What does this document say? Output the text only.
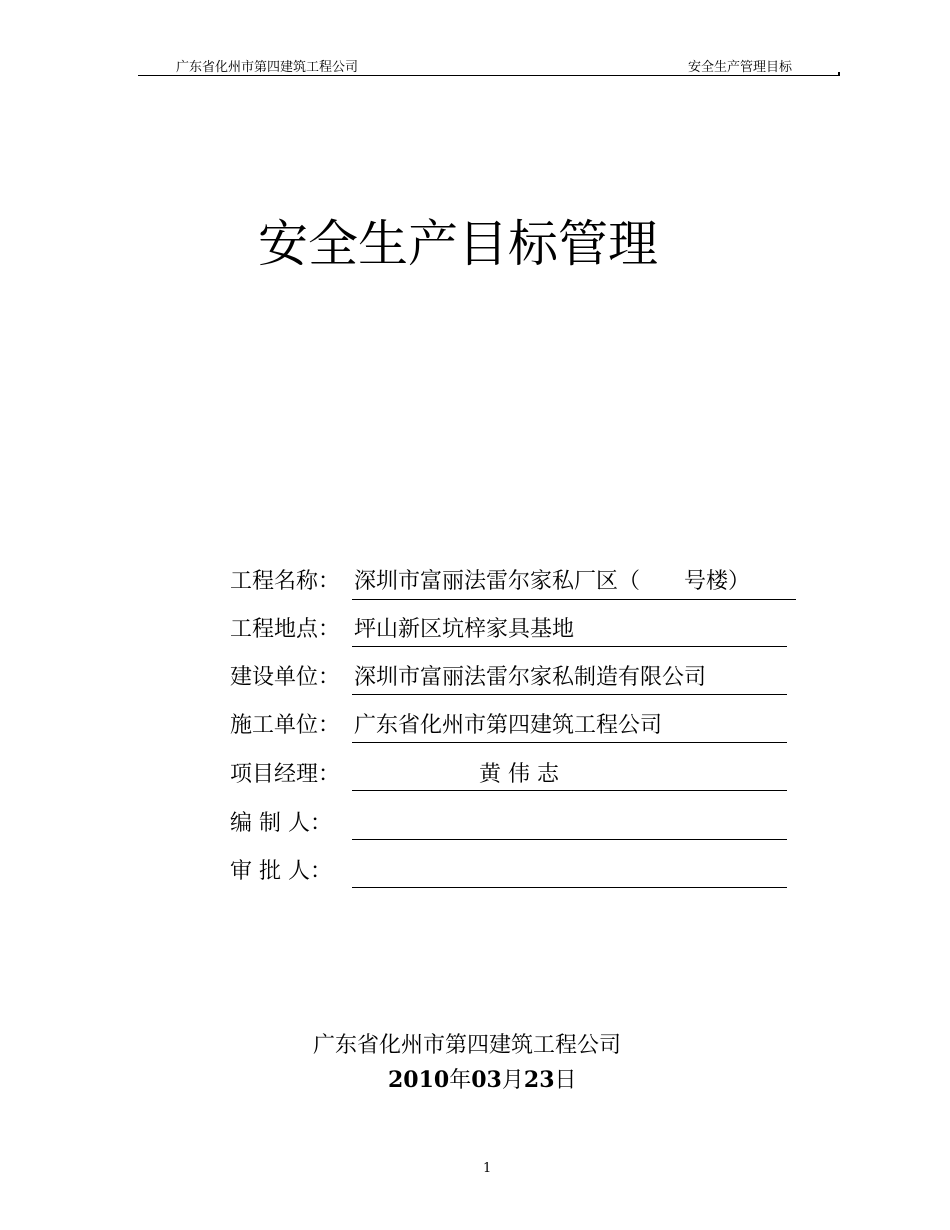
广东省化州市第四建筑工程公司	安全生产管理目标
安全生产目标管理
工程名称： 深圳市富丽法雷尔家私厂区（　　号楼）
工程地点： 坪山新区坑梓家具基地
建设单位： 深圳市富丽法雷尔家私制造有限公司
施工单位： 广东省化州市第四建筑工程公司
项目经理：	黄 伟 志
编 制 人：
审 批 人：
广东省化州市第四建筑工程公司
2010年03月23日
1
